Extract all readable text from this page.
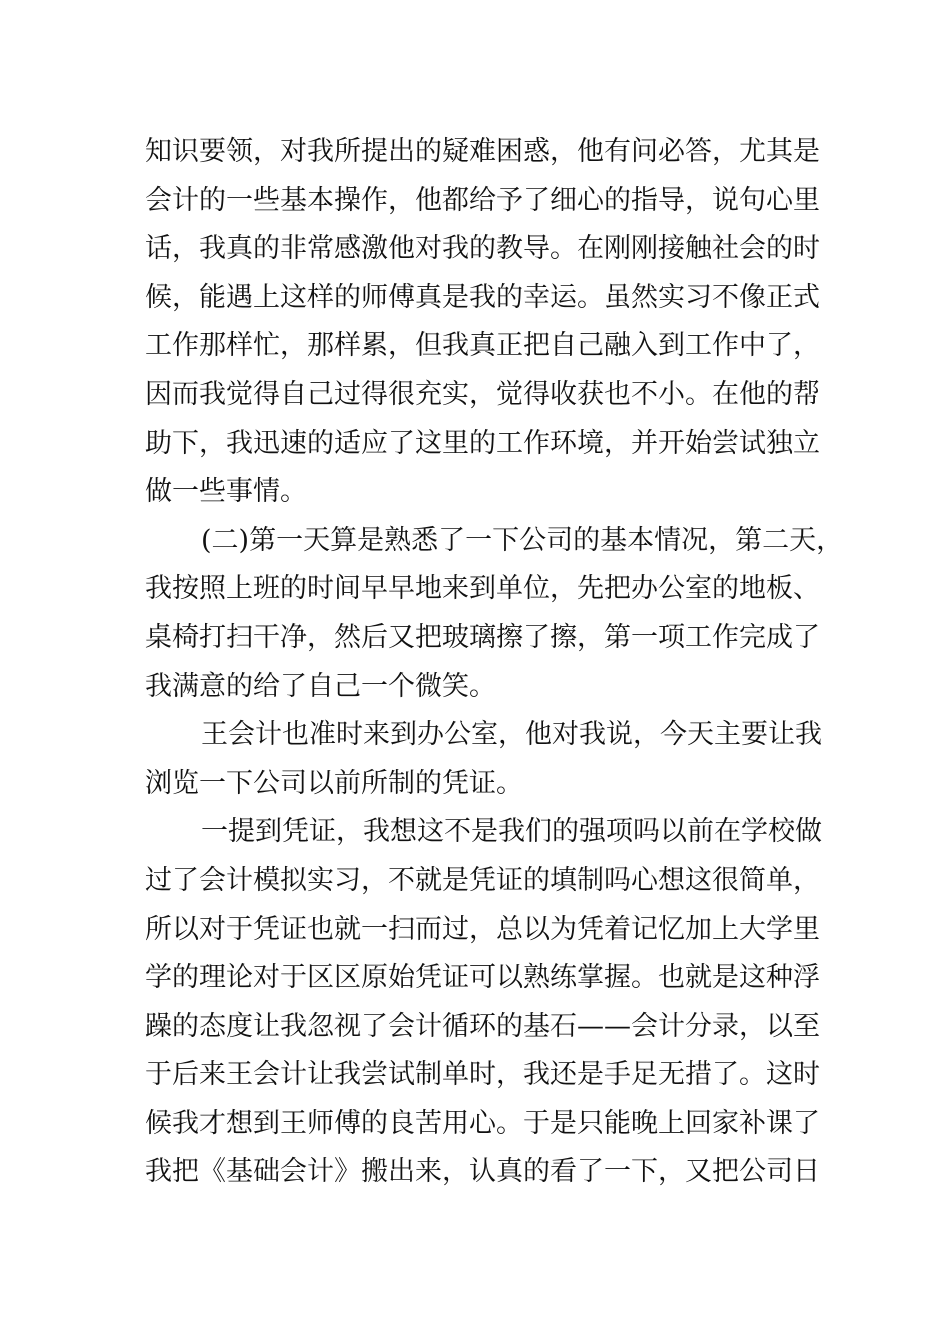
知识要领，对我所提出的疑难困惑，他有问必答，尤其是
会计的一些基本操作，他都给予了细心的指导，说句心里
话，我真的非常感激他对我的教导。在刚刚接触社会的时
候，能遇上这样的师傅真是我的幸运。虽然实习不像正式
工作那样忙，那样累，但我真正把自己融入到工作中了，
因而我觉得自己过得很充实，觉得收获也不小。在他的帮
助下，我迅速的适应了这里的工作环境，并开始尝试独立
做一些事情。
(二)第一天算是熟悉了一下公司的基本情况，第二天，
我按照上班的时间早早地来到单位，先把办公室的地板、
桌椅打扫干净，然后又把玻璃擦了擦，第一项工作完成了
我满意的给了自己一个微笑。
王会计也准时来到办公室，他对我说，今天主要让我
浏览一下公司以前所制的凭证。
一提到凭证，我想这不是我们的强项吗以前在学校做
过了会计模拟实习，不就是凭证的填制吗心想这很简单，
所以对于凭证也就一扫而过，总以为凭着记忆加上大学里
学的理论对于区区原始凭证可以熟练掌握。也就是这种浮
躁的态度让我忽视了会计循环的基石——会计分录，以至
于后来王会计让我尝试制单时，我还是手足无措了。这时
候我才想到王师傅的良苦用心。于是只能晚上回家补课了
我把《基础会计》搬出来，认真的看了一下，又把公司日
